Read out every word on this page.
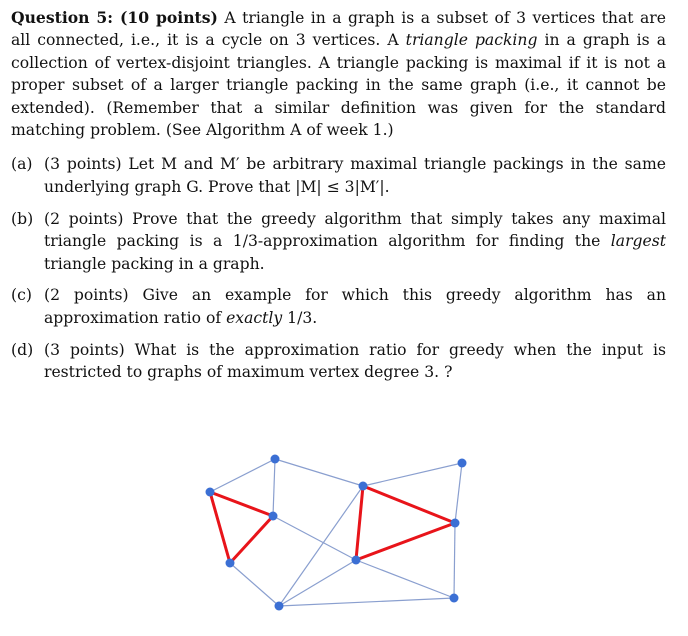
Question 5: (10 points) A triangle in a graph is a subset of 3 vertices that are all connected, i.e., it is a cycle on 3 vertices. A triangle packing in a graph is a collection of vertex-disjoint triangles. A triangle packing is maximal if it is not a proper subset of a larger triangle packing in the same graph (i.e., it cannot be extended). (Remember that a similar definition was given for the standard matching problem. (See Algorithm A of week 1.)

(a) (3 points) Let M and M′ be arbitrary maximal triangle packings in the same underlying graph G. Prove that |M| ≤ 3|M′|.
(b) (2 points) Prove that the greedy algorithm that simply takes any maximal triangle packing is a 1/3-approximation algorithm for finding the largest triangle packing in a graph.
(c) (2 points) Give an example for which this greedy algorithm has an approximation ratio of exactly 1/3.
(d) (3 points) What is the approximation ratio for greedy when the input is restricted to graphs of maximum vertex degree 3. ?
